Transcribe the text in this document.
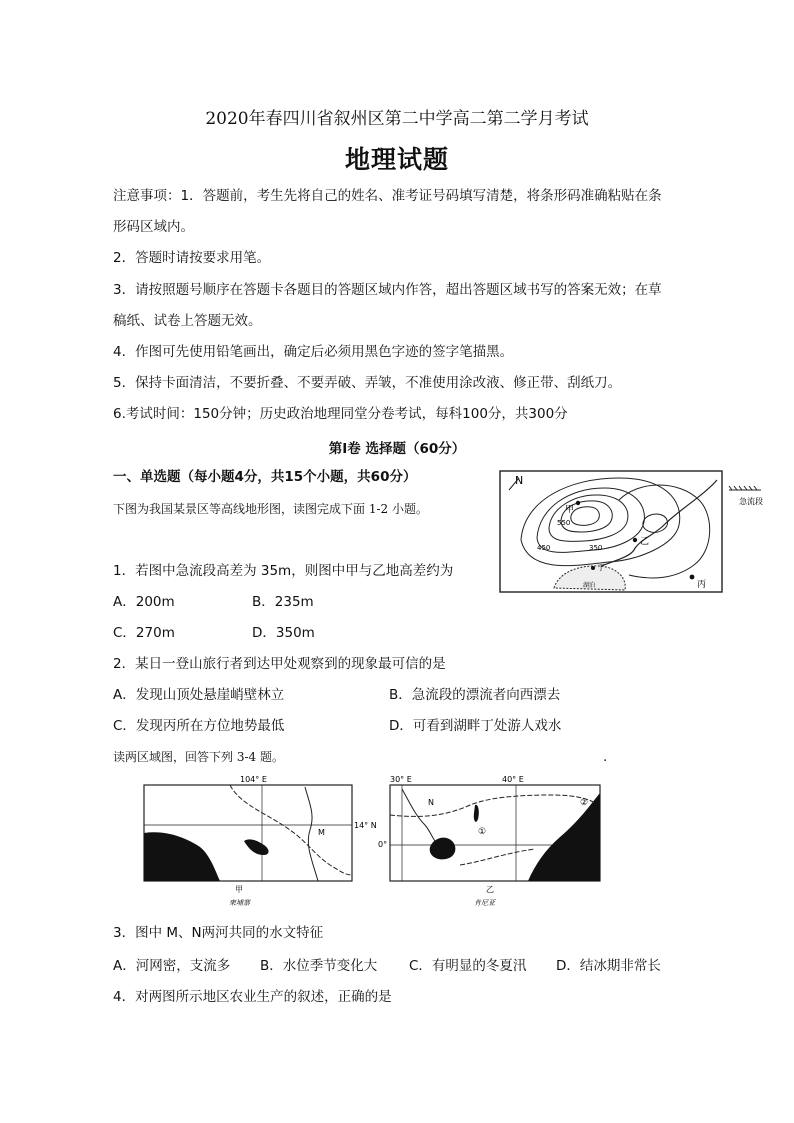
2020年春四川省叙州区第二中学高二第二学月考试
地理试题
注意事项：1．答题前，考生先将自己的姓名、准考证号码填写清楚，将条形码准确粘贴在条
形码区域内。
2．答题时请按要求用笔。
3．请按照题号顺序在答题卡各题目的答题区域内作答，超出答题区域书写的答案无效；在草
稿纸、试卷上答题无效。
4．作图可先使用铅笔画出，确定后必须用黑色字迹的签字笔描黑。
5．保持卡面清洁，不要折叠、不要弄破、弄皱，不准使用涂改液、修正带、刮纸刀。
6.考试时间：150分钟；历史政治地理同堂分卷考试，每科100分，共300分
第Ⅰ卷 选择题（60分）
一、单选题（每小题4分，共15个小题，共60分）
下图为我国某景区等高线地形图，读图完成下面 1-2 小题。
1．若图中急流段高差为 35m，则图中甲与乙地高差约为
A．200m	B．235m
C．270m	D．350m
2．某日一登山旅行者到达甲处观察到的现象最可信的是
A．发现山顶处悬崖峭壁林立	B．急流段的漂流者向西漂去
C．发现丙所在方位地势最低	D．可看到湖畔丁处游人戏水
读两区域图，回答下列 3-4 题。	.
N
甲
550
450	350
乙
湖泊
丁
丙
急流段
104° E
14° N
M
甲
柬埔寨
30° E	40° E
0°
N
①
②
乙
肯尼亚
3．图中 M、N两河共同的水文特征
A．河网密，支流多 B．水位季节变化大 C．有明显的冬夏汛 D．结冰期非常长
4．对两图所示地区农业生产的叙述，正确的是
